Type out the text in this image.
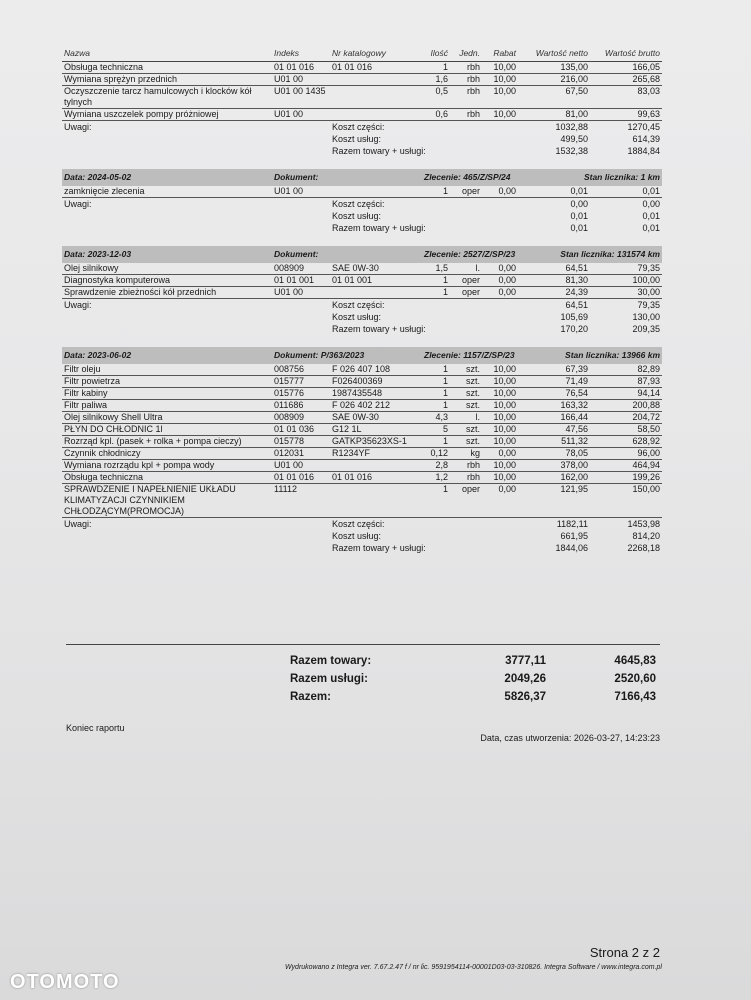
Nazwa	Indeks	Nr katalogowy	Ilość	Jedn.	Rabat	Wartość netto	Wartość brutto
Obsługa techniczna	01 01 016	01 01 016	1	rbh	10,00	135,00	166,05
Wymiana sprężyn przednich	U01 00		1,6	rbh	10,00	216,00	265,68
Oczyszczenie tarcz hamulcowych i klocków kół tylnych	U01 00 1435		0,5	rbh	10,00	67,50	83,03
Wymiana uszczelek pompy próżniowej	U01 00		0,6	rbh	10,00	81,00	99,63
Uwagi:		Koszt części:				1032,88	1270,45
		Koszt usług:				499,50	614,39
		Razem towary + usługi:				1532,38	1884,84

Data: 2024-05-02	Dokument:		Zlecenie: 465/Z/SP/24			Stan licznika: 1 km	
zamknięcie zlecenia	U01 00		1	oper	0,00	0,01	0,01
Uwagi:		Koszt części:				0,00	0,00
		Koszt usług:				0,01	0,01
		Razem towary + usługi:				0,01	0,01

Data: 2023-12-03	Dokument:		Zlecenie: 2527/Z/SP/23			Stan licznika: 131574 km	
Olej silnikowy	008909	SAE 0W-30	1,5	l.	0,00	64,51	79,35
Diagnostyka komputerowa	01 01 001	01 01 001	1	oper	0,00	81,30	100,00
Sprawdzenie zbieżności kół przednich	U01 00		1	oper	0,00	24,39	30,00
Uwagi:		Koszt części:				64,51	79,35
		Koszt usług:				105,69	130,00
		Razem towary + usługi:				170,20	209,35

Data: 2023-06-02	Dokument: P/363/2023		Zlecenie: 1157/Z/SP/23			Stan licznika: 13966 km	
Filtr oleju	008756	F 026 407 108	1	szt.	10,00	67,39	82,89
Filtr powietrza	015777	F026400369	1	szt.	10,00	71,49	87,93
Filtr kabiny	015776	1987435548	1	szt.	10,00	76,54	94,14
Filtr paliwa	011686	F 026 402 212	1	szt.	10,00	163,32	200,88
Olej silnikowy Shell Ultra	008909	SAE 0W-30	4,3	l.	10,00	166,44	204,72
PŁYN DO CHŁODNIC 1l	01 01 036	G12 1L	5	szt.	10,00	47,56	58,50
Rozrząd kpl. (pasek + rolka + pompa cieczy)	015778	GATKP35623XS-1	1	szt.	10,00	511,32	628,92
Czynnik chłodniczy	012031	R1234YF	0,12	kg	0,00	78,05	96,00
Wymiana rozrządu kpl + pompa wody	U01 00		2,8	rbh	10,00	378,00	464,94
Obsługa techniczna	01 01 016	01 01 016	1,2	rbh	10,00	162,00	199,26
SPRAWDZENIE I NAPEŁNIENIE UKŁADU KLIMATYZACJI CZYNNIKIEM CHŁODZĄCYM(PROMOCJA)	11112		1	oper	0,00	121,95	150,00
Uwagi:		Koszt części:				1182,11	1453,98
		Koszt usług:				661,95	814,20
		Razem towary + usługi:				1844,06	2268,18

Razem towary:	3777,11	4645,83
Razem usługi:	2049,26	2520,60
Razem:	5826,37	7166,43
Koniec raportu
Data, czas utworzenia: 2026-03-27, 14:23:23
Strona 2 z 2
Wydrukowano z Integra ver. 7.67.2.47 f / nr lic. 9591954114-00001D03-03-310826. Integra Software / www.integra.com.pl
OTOMOTO
